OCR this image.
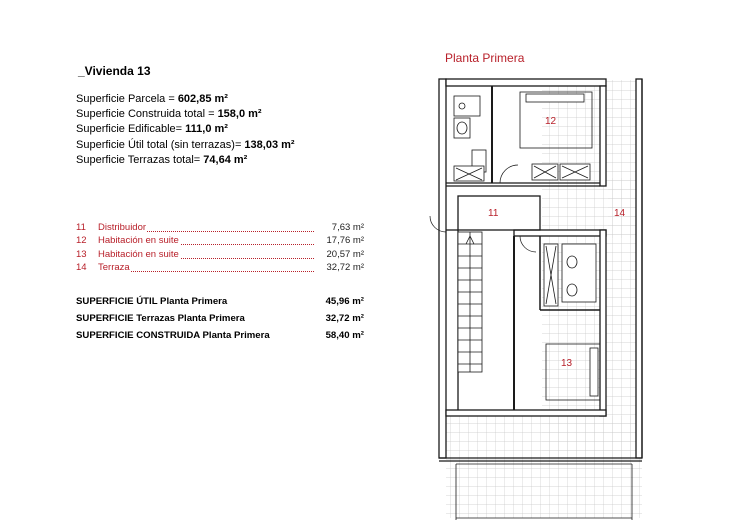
_Vivienda 13
Superficie Parcela = 602,85 m²
Superficie Construida total = 158,0 m²
Superficie Edificable= 111,0 m²
Superficie Útil total (sin terrazas)= 138,03 m²
Superficie Terrazas total= 74,64 m²
11	Distribuidor	7,63 m²
12	Habitación en suite	17,76 m²
13	Habitación en suite	20,57 m²
14	Terraza	32,72 m²
SUPERFICIE ÚTIL Planta Primera	45,96 m²
SUPERFICIE Terrazas Planta Primera	32,72 m²
SUPERFICIE CONSTRUIDA Planta Primera	58,40 m²
Planta Primera
11
12
13
14
